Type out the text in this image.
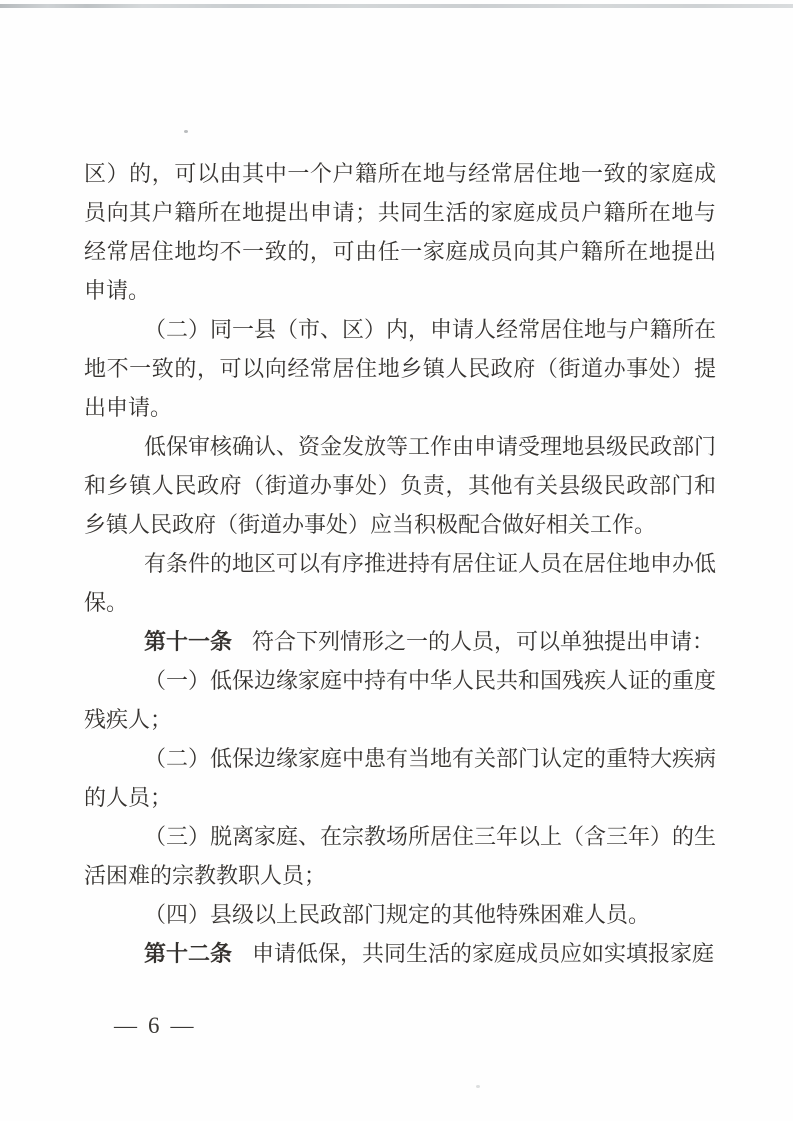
区）的，可以由其中一个户籍所在地与经常居住地一致的家庭成员向其户籍所在地提出申请；共同生活的家庭成员户籍所在地与经常居住地均不一致的，可由任一家庭成员向其户籍所在地提出申请。

（二）同一县（市、区）内，申请人经常居住地与户籍所在地不一致的，可以向经常居住地乡镇人民政府（街道办事处）提出申请。

低保审核确认、资金发放等工作由申请受理地县级民政部门和乡镇人民政府（街道办事处）负责，其他有关县级民政部门和乡镇人民政府（街道办事处）应当积极配合做好相关工作。

有条件的地区可以有序推进持有居住证人员在居住地申办低保。

第十一条 符合下列情形之一的人员，可以单独提出申请：

（一）低保边缘家庭中持有中华人民共和国残疾人证的重度残疾人；

（二）低保边缘家庭中患有当地有关部门认定的重特大疾病的人员；

（三）脱离家庭、在宗教场所居住三年以上（含三年）的生活困难的宗教教职人员；

（四）县级以上民政部门规定的其他特殊困难人员。

第十二条 申请低保，共同生活的家庭成员应如实填报家庭

— 6 —
